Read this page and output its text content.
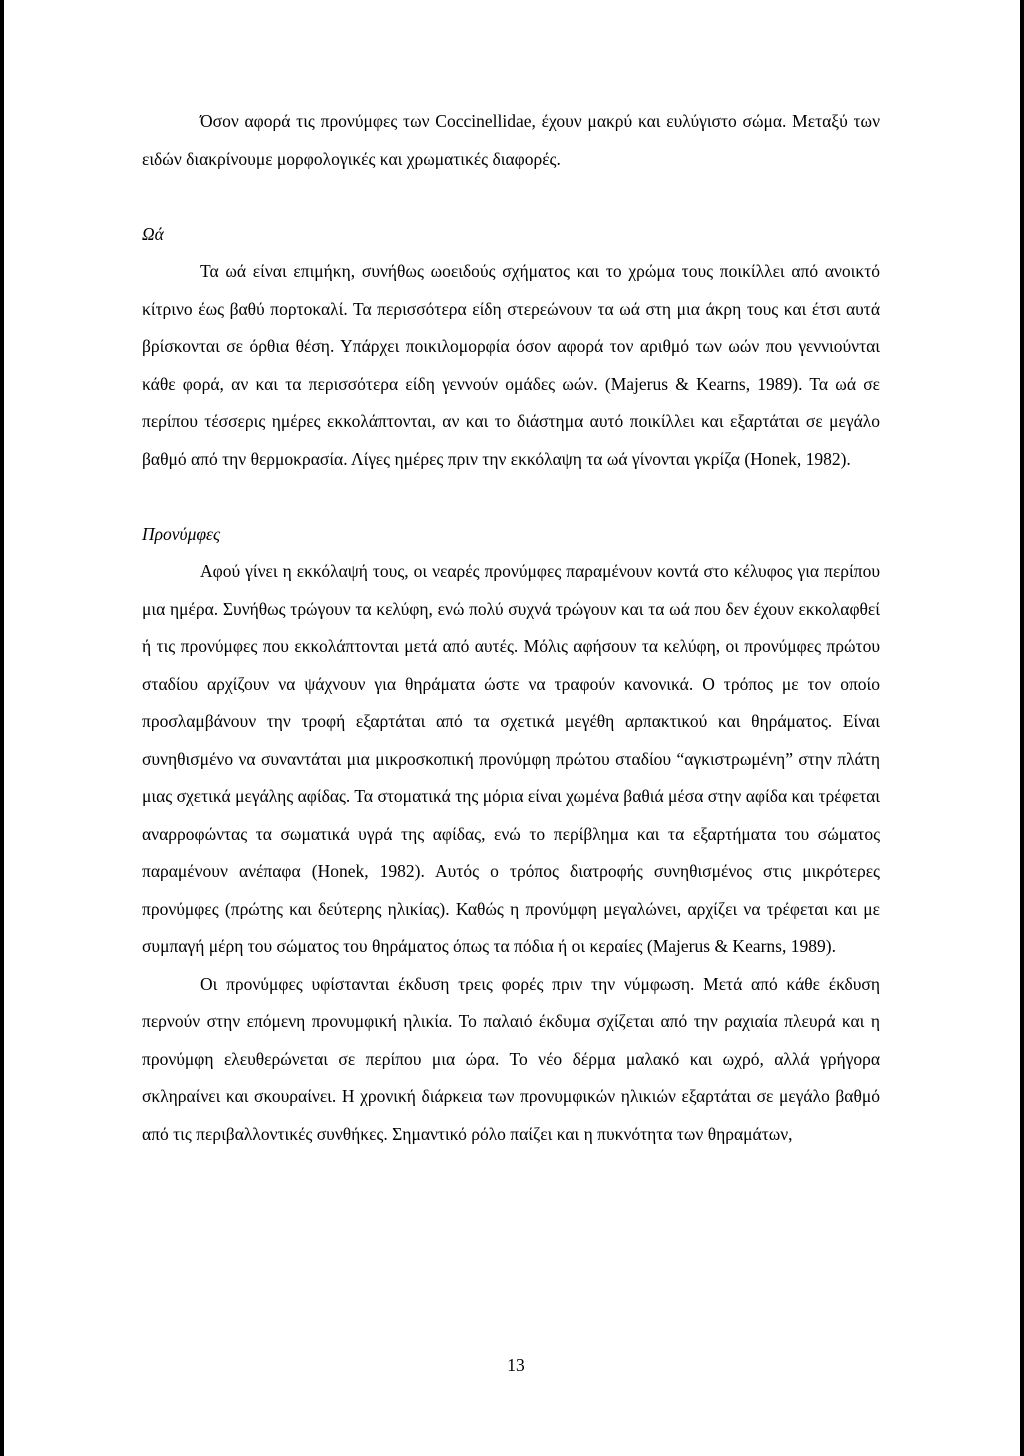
Όσον αφορά τις προνύμφες των Coccinellidae, έχουν μακρύ και ευλύγιστο σώμα. Μεταξύ των ειδών διακρίνουμε μορφολογικές και χρωματικές διαφορές.

Ωά

Τα ωά είναι επιμήκη, συνήθως ωοειδούς σχήματος και το χρώμα τους ποικίλλει από ανοικτό κίτρινο έως βαθύ πορτοκαλί. Τα περισσότερα είδη στερεώνουν τα ωά στη μια άκρη τους και έτσι αυτά βρίσκονται σε όρθια θέση. Υπάρχει ποικιλομορφία όσον αφορά τον αριθμό των ωών που γεννιούνται κάθε φορά, αν και τα περισσότερα είδη γεννούν ομάδες ωών. (Majerus & Kearns, 1989). Τα ωά σε περίπου τέσσερις ημέρες εκκολάπτονται, αν και το διάστημα αυτό ποικίλλει και εξαρτάται σε μεγάλο βαθμό από την θερμοκρασία. Λίγες ημέρες πριν την εκκόλαψη τα ωά γίνονται γκρίζα (Honek, 1982).

Προνύμφες

Αφού γίνει η εκκόλαψή τους, οι νεαρές προνύμφες παραμένουν κοντά στο κέλυφος για περίπου μια ημέρα. Συνήθως τρώγουν τα κελύφη, ενώ πολύ συχνά τρώγουν και τα ωά που δεν έχουν εκκολαφθεί ή τις προνύμφες που εκκολάπτονται μετά από αυτές. Μόλις αφήσουν τα κελύφη, οι προνύμφες πρώτου σταδίου αρχίζουν να ψάχνουν για θηράματα ώστε να τραφούν κανονικά. Ο τρόπος με τον οποίο προσλαμβάνουν την τροφή εξαρτάται από τα σχετικά μεγέθη αρπακτικού και θηράματος. Είναι συνηθισμένο να συναντάται μια μικροσκοπική προνύμφη πρώτου σταδίου “αγκιστρωμένη” στην πλάτη μιας σχετικά μεγάλης αφίδας. Τα στοματικά της μόρια είναι χωμένα βαθιά μέσα στην αφίδα και τρέφεται αναρροφώντας τα σωματικά υγρά της αφίδας, ενώ το περίβλημα και τα εξαρτήματα του σώματος παραμένουν ανέπαφα (Honek, 1982). Αυτός ο τρόπος διατροφής συνηθισμένος στις μικρότερες προνύμφες (πρώτης και δεύτερης ηλικίας). Καθώς η προνύμφη μεγαλώνει, αρχίζει να τρέφεται και με συμπαγή μέρη του σώματος του θηράματος όπως τα πόδια ή οι κεραίες (Majerus & Kearns, 1989).

Οι προνύμφες υφίστανται έκδυση τρεις φορές πριν την νύμφωση. Μετά από κάθε έκδυση περνούν στην επόμενη προνυμφική ηλικία. Το παλαιό έκδυμα σχίζεται από την ραχιαία πλευρά και η προνύμφη ελευθερώνεται σε περίπου μια ώρα. Το νέο δέρμα μαλακό και ωχρό, αλλά γρήγορα σκληραίνει και σκουραίνει. Η χρονική διάρκεια των προνυμφικών ηλικιών εξαρτάται σε μεγάλο βαθμό από τις περιβαλλοντικές συνθήκες. Σημαντικό ρόλο παίζει και η πυκνότητα των θηραμάτων,

13
